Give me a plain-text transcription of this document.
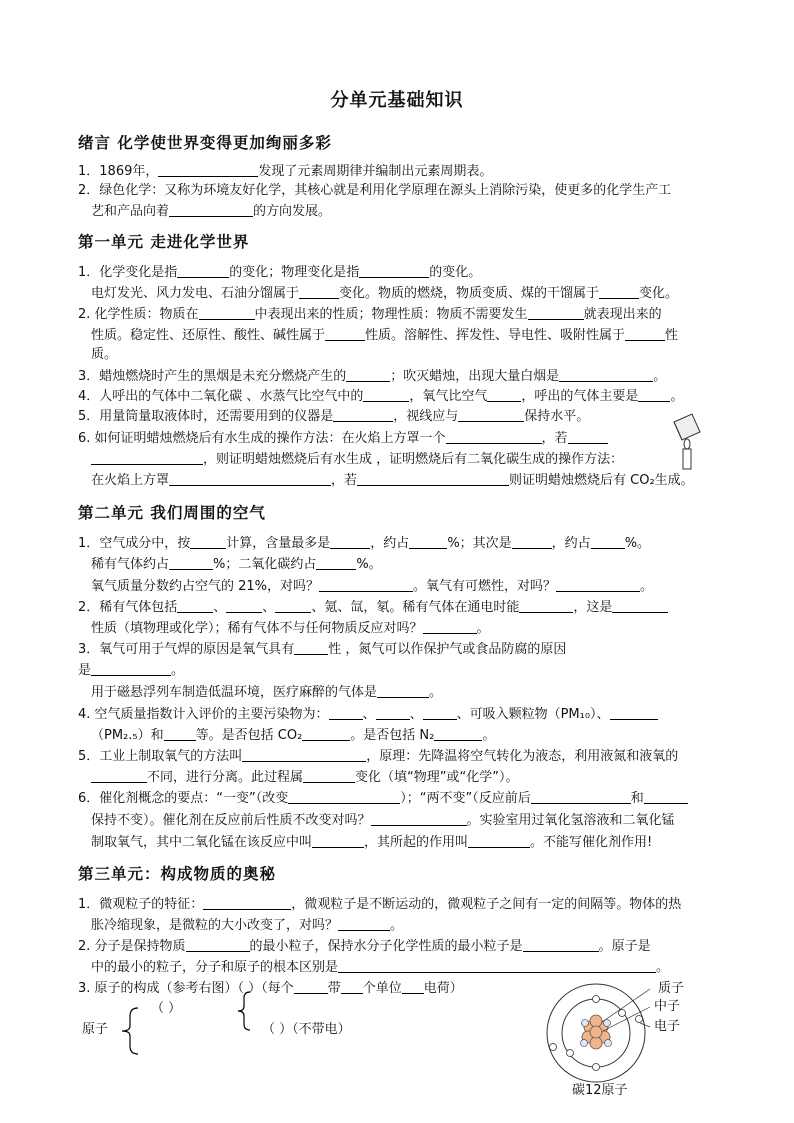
分单元基础知识
绪言 化学使世界变得更加绚丽多彩
1．1869年，	发现了元素周期律并编制出元素周期表。
2．绿色化学：又称为环境友好化学，其核心就是利用化学原理在源头上消除污染，使更多的化学生产工
艺和产品向着	的方向发展。
第一单元 走进化学世界
1．化学变化是指	的变化；物理变化是指	的变化。
电灯发光、风力发电、石油分馏属于	变化。物质的燃烧，物质变质、煤的干馏属于	变化。
2. 化学性质：物质在	中表现出来的性质；物理性质：物质不需要发生	就表现出来的
性质。稳定性、还原性、酸性、碱性属于	性质。溶解性、挥发性、导电性、吸附性属于	性
质。
3．蜡烛燃烧时产生的黑烟是未充分燃烧产生的	；吹灭蜡烛，出现大量白烟是	。
4．人呼出的气体中二氧化碳 、水蒸气比空气中的	，氧气比空气	，呼出的气体主要是 。
5．用量筒量取液体时，还需要用到的仪器是	，视线应与	保持水平。
6. 如何证明蜡烛燃烧后有水生成的操作方法：在火焰上方罩一个	，若
，则证明蜡烛燃烧后有水生成 ，证明燃烧后有二氧化碳生成的操作方法：
在火焰上方罩	，若	则证明蜡烛燃烧后有 CO₂生成。
第二单元 我们周围的空气
1．空气成分中，按	计算，含量最多是	，约占	%；其次是	，约占	%。
稀有气体约占	%；二氧化碳约占	%。
氧气质量分数约占空气的 21%，对吗？	。氧气有可燃性，对吗？	。
2．稀有气体包括	、	、	、氪、氙，氡。稀有气体在通电时能	，这是
性质（填物理或化学）；稀有气体不与任何物质反应对吗？	。
3．氧气可用于气焊的原因是氧气具有	性 ，氮气可以作保护气或食品防腐的原因
是	。
用于磁悬浮列车制造低温环境，医疗麻醉的气体是	。
4. 空气质量指数计入评价的主要污染物为：	、	、	、可吸入颗粒物（PM₁₀）、
（PM₂.₅）和 等。是否包括 CO₂	。是否包括 N₂	。
5．工业上制取氧气的方法叫	，原理：先降温将空气转化为液态，利用液氮和液氧的
不同，进行分离。此过程属	变化（填“物理”或“化学”）。
6．催化剂概念的要点：“一变”（改变	）；“两不变”（反应前后	和
保持不变）。催化剂在反应前后性质不改变对吗？	。实验室用过氧化氢溶液和二氧化锰
制取氧气，其中二氧化锰在该反应中叫	，其所起的作用叫	。不能写催化剂作用!
第三单元：构成物质的奥秘
1．微观粒子的特征：	，微观粒子是不断运动的，微观粒子之间有一定的间隔等。物体的热
胀冷缩现象，是微粒的大小改变了，对吗？	。
2. 分子是保持物质	的最小粒子，保持水分子化学性质的最小粒子是	。原子是
中的最小的粒子，分子和原子的根本区别是	。
3. 原子的构成（参考右图）（ ）（每个	带 个单位 电荷）
（ ）
原子	（ ）（不带电）
质子
中子
电子
碳12原子
